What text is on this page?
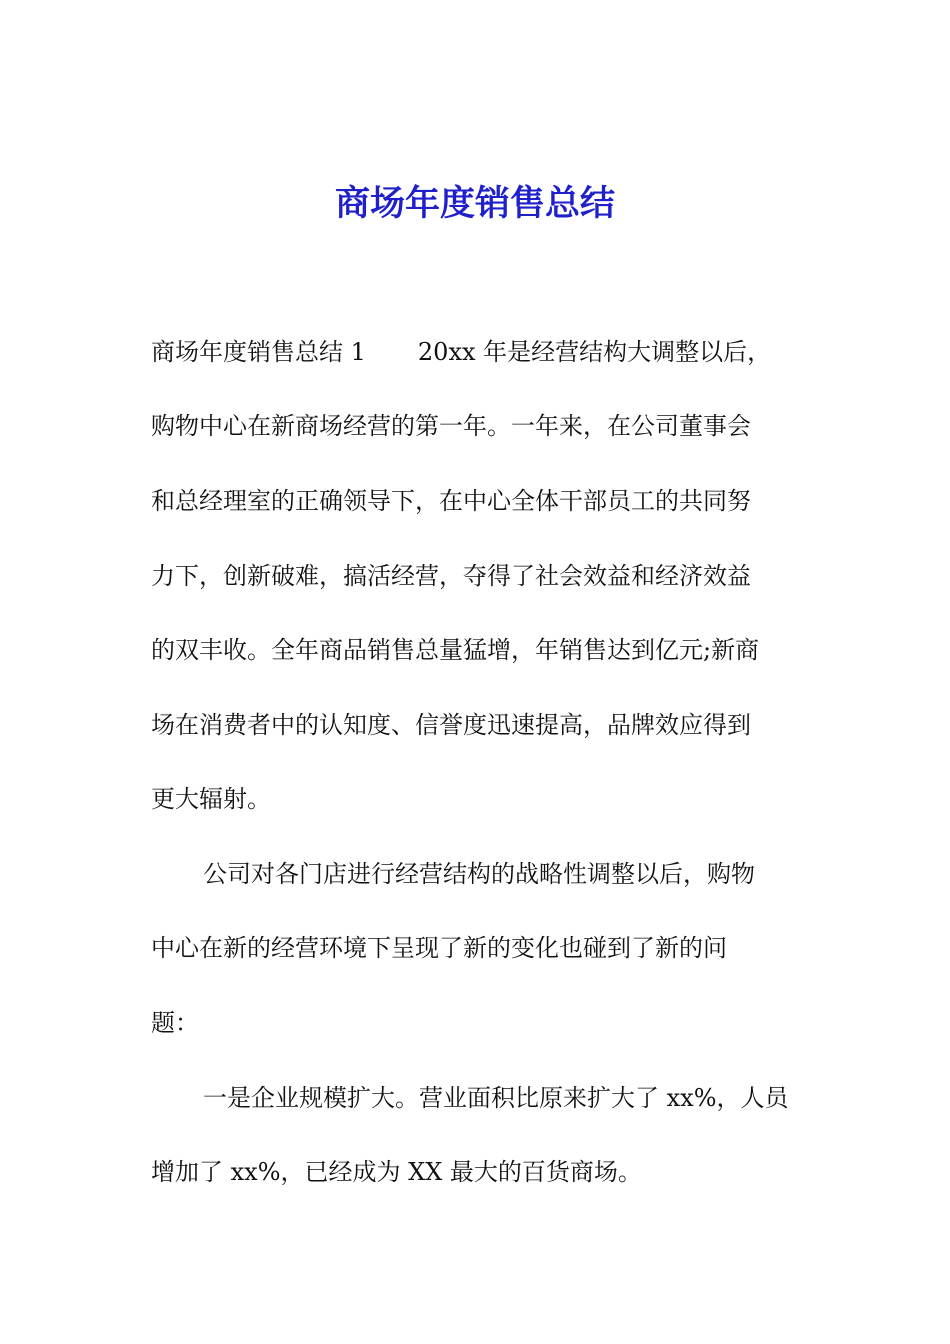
商场年度销售总结
商场年度销售总结 1 20xx 年是经营结构大调整以后，
购物中心在新商场经营的第一年。一年来，在公司董事会
和总经理室的正确领导下，在中心全体干部员工的共同努
力下，创新破难，搞活经营，夺得了社会效益和经济效益
的双丰收。全年商品销售总量猛增，年销售达到亿元;新商
场在消费者中的认知度、信誉度迅速提高，品牌效应得到
更大辐射。
公司对各门店进行经营结构的战略性调整以后，购物
中心在新的经营环境下呈现了新的变化也碰到了新的问
题：
一是企业规模扩大。营业面积比原来扩大了 xx%，人员
增加了 xx%，已经成为 XX 最大的百货商场。
